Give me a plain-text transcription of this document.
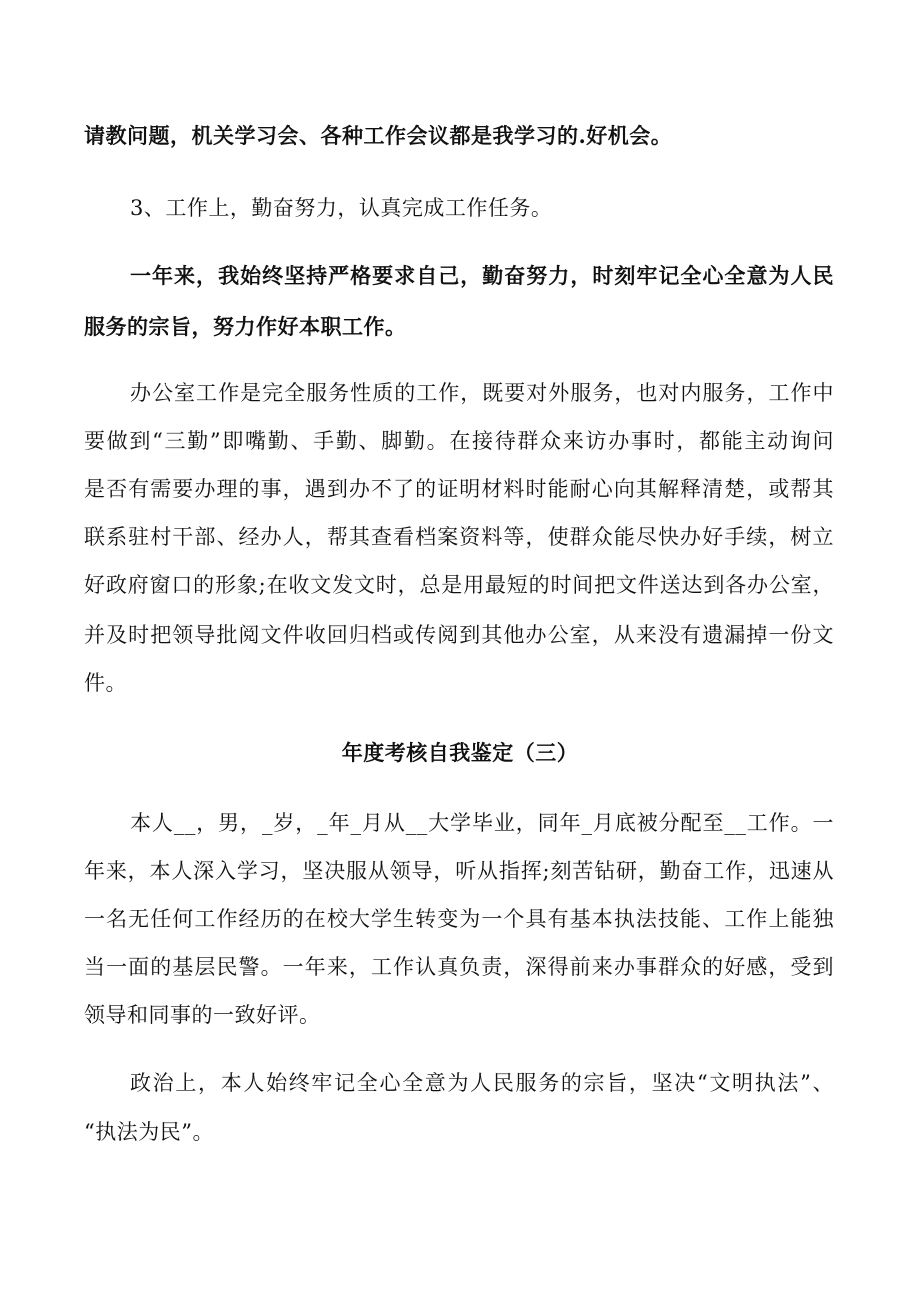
请教问题，机关学习会、各种工作会议都是我学习的.好机会。
3、工作上，勤奋努力，认真完成工作任务。
一年来，我始终坚持严格要求自己，勤奋努力，时刻牢记全心全意为人民
服务的宗旨，努力作好本职工作。
办公室工作是完全服务性质的工作，既要对外服务，也对内服务，工作中
要做到“三勤”即嘴勤、手勤、脚勤。在接待群众来访办事时，都能主动询问
是否有需要办理的事，遇到办不了的证明材料时能耐心向其解释清楚，或帮其
联系驻村干部、经办人，帮其查看档案资料等，使群众能尽快办好手续，树立
好政府窗口的形象;在收文发文时，总是用最短的时间把文件送达到各办公室，
并及时把领导批阅文件收回归档或传阅到其他办公室，从来没有遗漏掉一份文
件。
年度考核自我鉴定（三）
本人__，男，_岁，_年_月从__大学毕业，同年_月底被分配至__工作。一
年来，本人深入学习，坚决服从领导，听从指挥;刻苦钻研，勤奋工作，迅速从
一名无任何工作经历的在校大学生转变为一个具有基本执法技能、工作上能独
当一面的基层民警。一年来，工作认真负责，深得前来办事群众的好感，受到
领导和同事的一致好评。
政治上，本人始终牢记全心全意为人民服务的宗旨，坚决“文明执法”、
“执法为民”。
